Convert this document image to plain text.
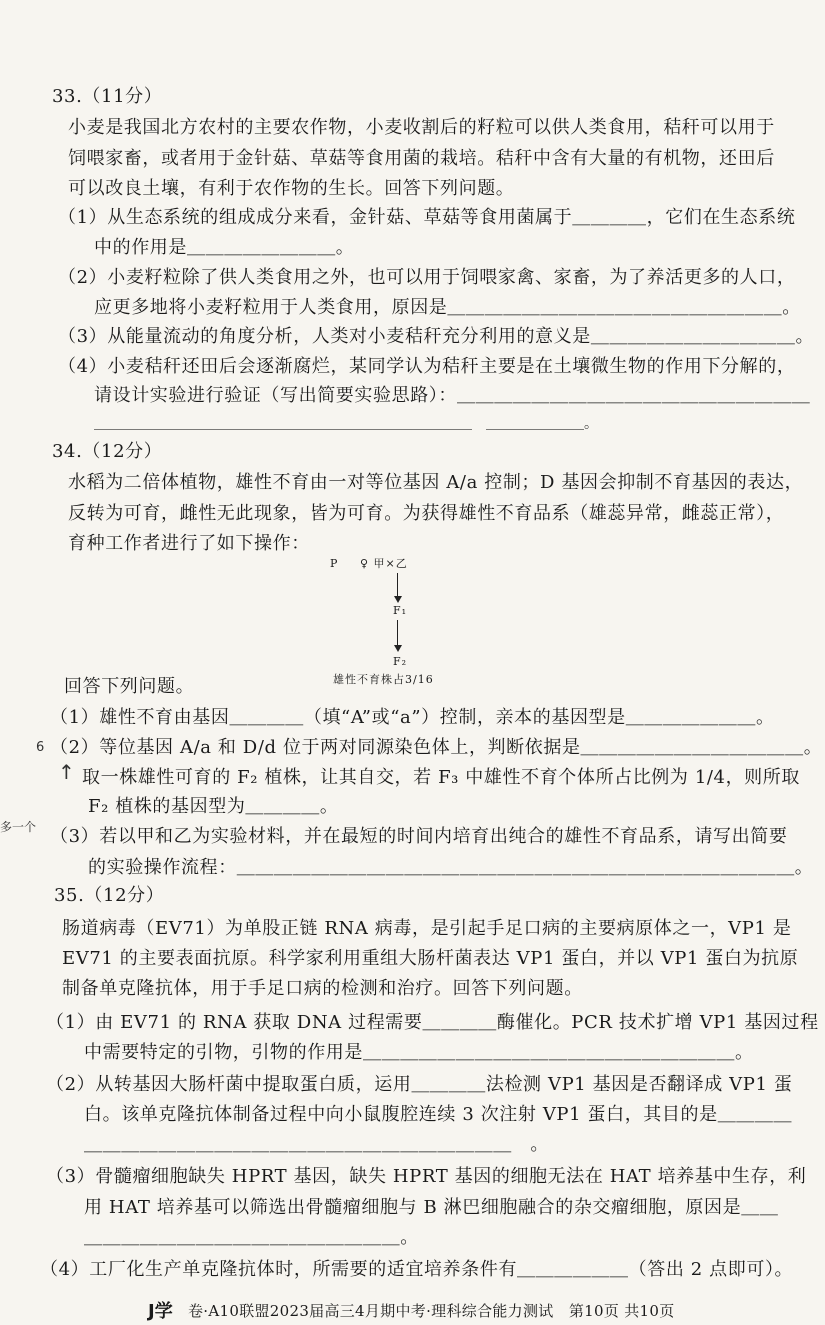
33.（11分）
小麦是我国北方农村的主要农作物，小麦收割后的籽粒可以供人类食用，秸秆可以用于
饲喂家畜，或者用于金针菇、草菇等食用菌的栽培。秸秆中含有大量的有机物，还田后
可以改良土壤，有利于农作物的生长。回答下列问题。
（1）从生态系统的组成成分来看，金针菇、草菇等食用菌属于＿＿＿＿，它们在生态系统
中的作用是＿＿＿＿＿＿＿＿。
（2）小麦籽粒除了供人类食用之外，也可以用于饲喂家禽、家畜，为了养活更多的人口，
应更多地将小麦籽粒用于人类食用，原因是＿＿＿＿＿＿＿＿＿＿＿＿＿＿＿＿＿＿。
（3）从能量流动的角度分析，人类对小麦秸秆充分利用的意义是＿＿＿＿＿＿＿＿＿＿＿。
（4）小麦秸秆还田后会逐渐腐烂，某同学认为秸秆主要是在土壤微生物的作用下分解的，
请设计实验进行验证（写出简要实验思路）：＿＿＿＿＿＿＿＿＿＿＿＿＿＿＿＿＿＿＿
＿＿＿＿＿＿＿＿＿＿＿＿＿＿＿＿＿＿＿＿＿＿＿＿＿＿＿　＿＿＿＿＿＿＿。
34.（12分）
水稻为二倍体植物，雄性不育由一对等位基因 A/a 控制；D 基因会抑制不育基因的表达，
反转为可育，雌性无此现象，皆为可育。为获得雄性不育品系（雄蕊异常，雌蕊正常），
育种工作者进行了如下操作：
P ♀ 甲×乙
F₁
F₂
雄性不育株占3/16
回答下列问题。
（1）雄性不育由基因＿＿＿＿（填“A”或“a”）控制，亲本的基因型是＿＿＿＿＿＿＿。
（2）等位基因 A/a 和 D/d 位于两对同源染色体上，判断依据是＿＿＿＿＿＿＿＿＿＿＿＿。
取一株雄性可育的 F₂ 植株，让其自交，若 F₃ 中雄性不育个体所占比例为 1/4，则所取
F₂ 植株的基因型为＿＿＿＿。
（3）若以甲和乙为实验材料，并在最短的时间内培育出纯合的雄性不育品系，请写出简要
的实验操作流程：＿＿＿＿＿＿＿＿＿＿＿＿＿＿＿＿＿＿＿＿＿＿＿＿＿＿＿＿＿＿。
6
↑
多一个
35.（12分）
肠道病毒（EV71）为单股正链 RNA 病毒，是引起手足口病的主要病原体之一，VP1 是
EV71 的主要表面抗原。科学家利用重组大肠杆菌表达 VP1 蛋白，并以 VP1 蛋白为抗原
制备单克隆抗体，用于手足口病的检测和治疗。回答下列问题。
（1）由 EV71 的 RNA 获取 DNA 过程需要＿＿＿＿酶催化。PCR 技术扩增 VP1 基因过程
中需要特定的引物，引物的作用是＿＿＿＿＿＿＿＿＿＿＿＿＿＿＿＿＿＿＿＿。
（2）从转基因大肠杆菌中提取蛋白质，运用＿＿＿＿法检测 VP1 基因是否翻译成 VP1 蛋
白。该单克隆抗体制备过程中向小鼠腹腔连续 3 次注射 VP1 蛋白，其目的是＿＿＿＿
＿＿＿＿＿＿＿＿＿＿＿＿＿＿＿＿＿＿＿＿＿＿＿　。
（3）骨髓瘤细胞缺失 HPRT 基因，缺失 HPRT 基因的细胞无法在 HAT 培养基中生存，利
用 HAT 培养基可以筛选出骨髓瘤细胞与 B 淋巴细胞融合的杂交瘤细胞，原因是＿＿
＿＿＿＿＿＿＿＿＿＿＿＿＿＿＿＿＿。
（4）工厂化生产单克隆抗体时，所需要的适宜培养条件有＿＿＿＿＿＿（答出 2 点即可）。
J学 卷·A10联盟2023届高三4月期中考·理科综合能力测试　第10页 共10页
